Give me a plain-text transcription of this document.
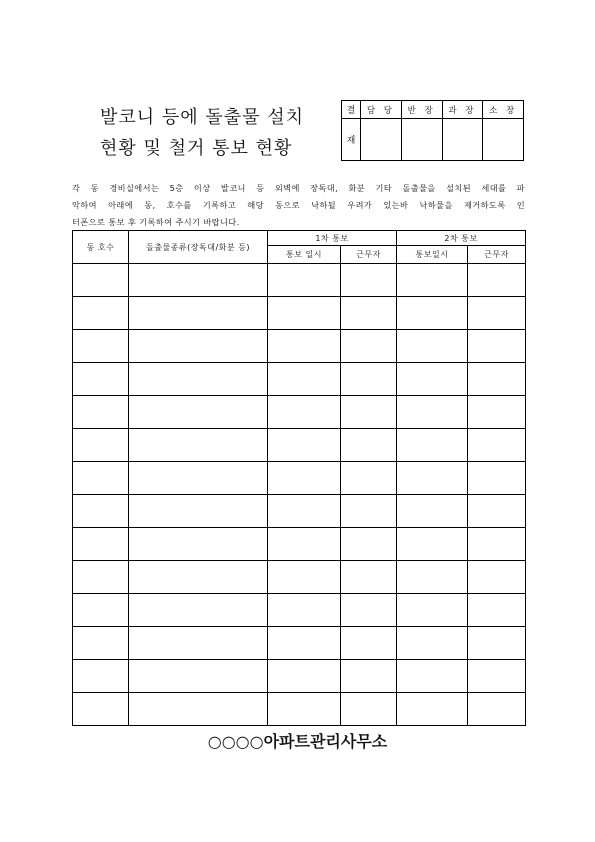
발코니 등에 돌출물 설치
현황 및 철거 통보 현황
결	담 당	반 장	과 장	소 장
재				
각 동 경비실에서는 5층 이상 발코니 등 외벽에 장독대, 화분 기타 돌출물을 설치된 세대를 파
악하여 아래에 동, 호수를 기록하고 해당 동으로 낙하될 우려가 있는바 낙하물을 제거하도록 인
터폰으로 통보 후 기록하여 주시기 바랍니다.
동 호수	돌출물종류(장독대/화분 등)	1차 통보		2차 통보	
		통보 일시	근무자	통보일시	근무자

○○○○아파트관리사무소
